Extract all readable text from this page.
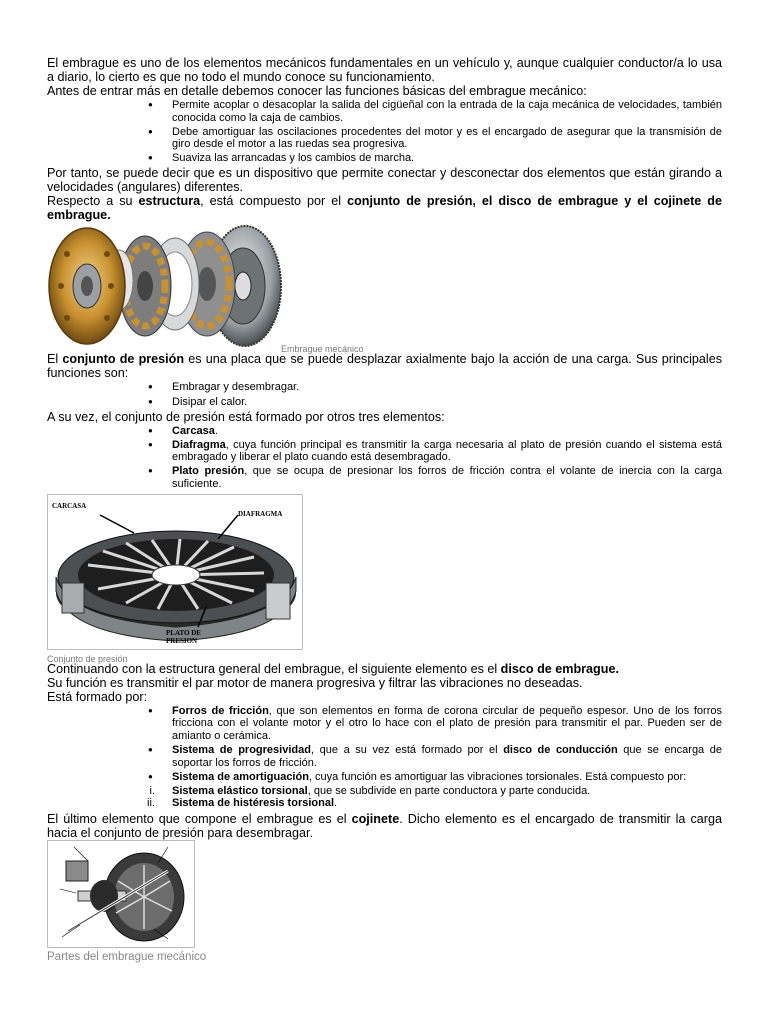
El embrague es uno de los elementos mecánicos fundamentales en un vehículo y, aunque cualquier conductor/a lo usa a diario, lo cierto es que no todo el mundo conoce su funcionamiento.

Antes de entrar más en detalle debemos conocer las funciones básicas del embrague mecánico:

● Permite acoplar o desacoplar la salida del cigüeñal con la entrada de la caja mecánica de velocidades, también conocida como la caja de cambios.
● Debe amortiguar las oscilaciones procedentes del motor y es el encargado de asegurar que la transmisión de giro desde el motor a las ruedas sea progresiva.
● Suaviza las arrancadas y los cambios de marcha.

Por tanto, se puede decir que es un dispositivo que permite conectar y desconectar dos elementos que están girando a velocidades (angulares) diferentes.

Respecto a su estructura, está compuesto por el conjunto de presión, el disco de embrague y el cojinete de embrague.

Embrague mecánico

El conjunto de presión es una placa que se puede desplazar axialmente bajo la acción de una carga. Sus principales funciones son:

● Embragar y desembragar.
● Disipar el calor.

A su vez, el conjunto de presión está formado por otros tres elementos:

● Carcasa.
● Diafragma, cuya función principal es transmitir la carga necesaria al plato de presión cuando el sistema está embragado y liberar el plato cuando está desembragado.
● Plato presión, que se ocupa de presionar los forros de fricción contra el volante de inercia con la carga suficiente.
CARCASA
DIAFRAGMA
PLATO DE
PRESION
Conjunto de presión

Continuando con la estructura general del embrague, el siguiente elemento es el disco de embrague.

Su función es transmitir el par motor de manera progresiva y filtrar las vibraciones no deseadas.

Está formado por:

● Forros de fricción, que son elementos en forma de corona circular de pequeño espesor. Uno de los forros fricciona con el volante motor y el otro lo hace con el plato de presión para transmitir el par. Pueden ser de amianto o cerámica.
● Sistema de progresividad, que a su vez está formado por el disco de conducción que se encarga de soportar los forros de fricción.
● Sistema de amortiguación, cuya función es amortiguar las vibraciones torsionales. Está compuesto por:
i. Sistema elástico torsional, que se subdivide en parte conductora y parte conducida.
ii. Sistema de histéresis torsional.

El último elemento que compone el embrague es el cojinete. Dicho elemento es el encargado de transmitir la carga hacia el conjunto de presión para desembragar.

Partes del embrague mecánico
